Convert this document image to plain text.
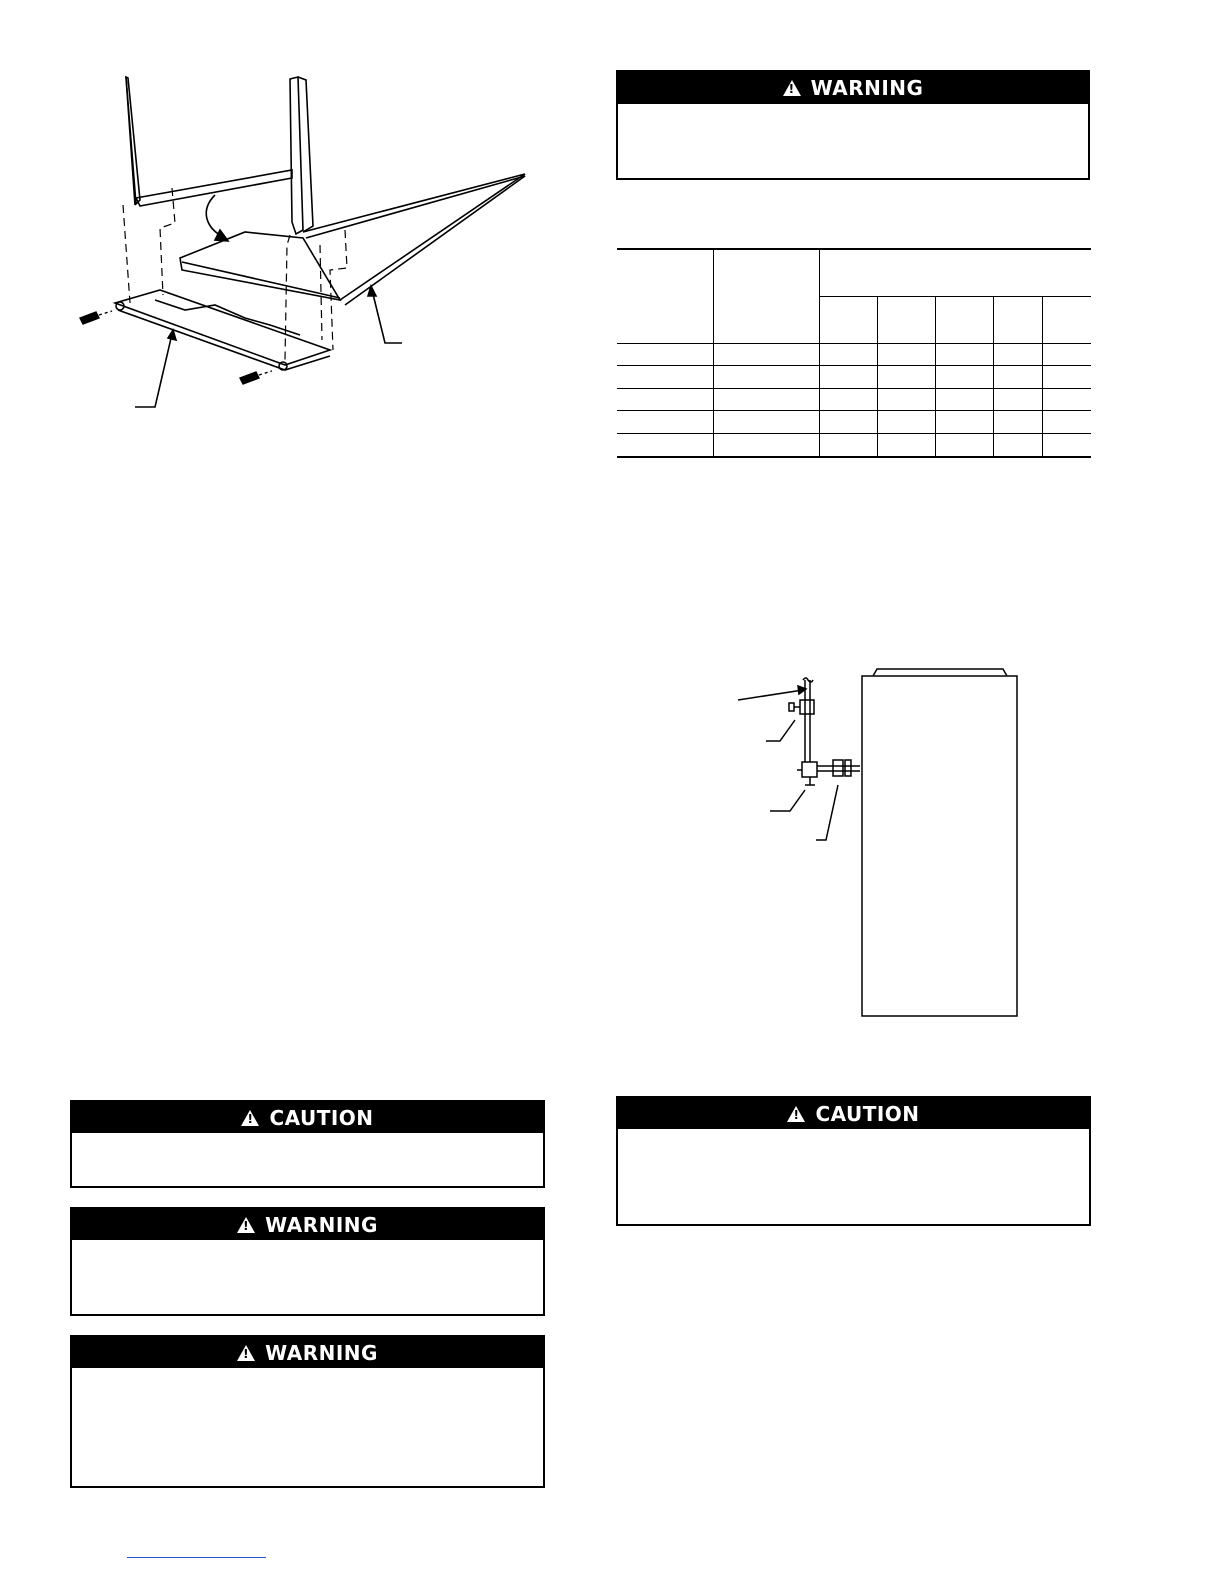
!
WARNING

!
CAUTION
!
WARNING
!
WARNING
!
CAUTION
